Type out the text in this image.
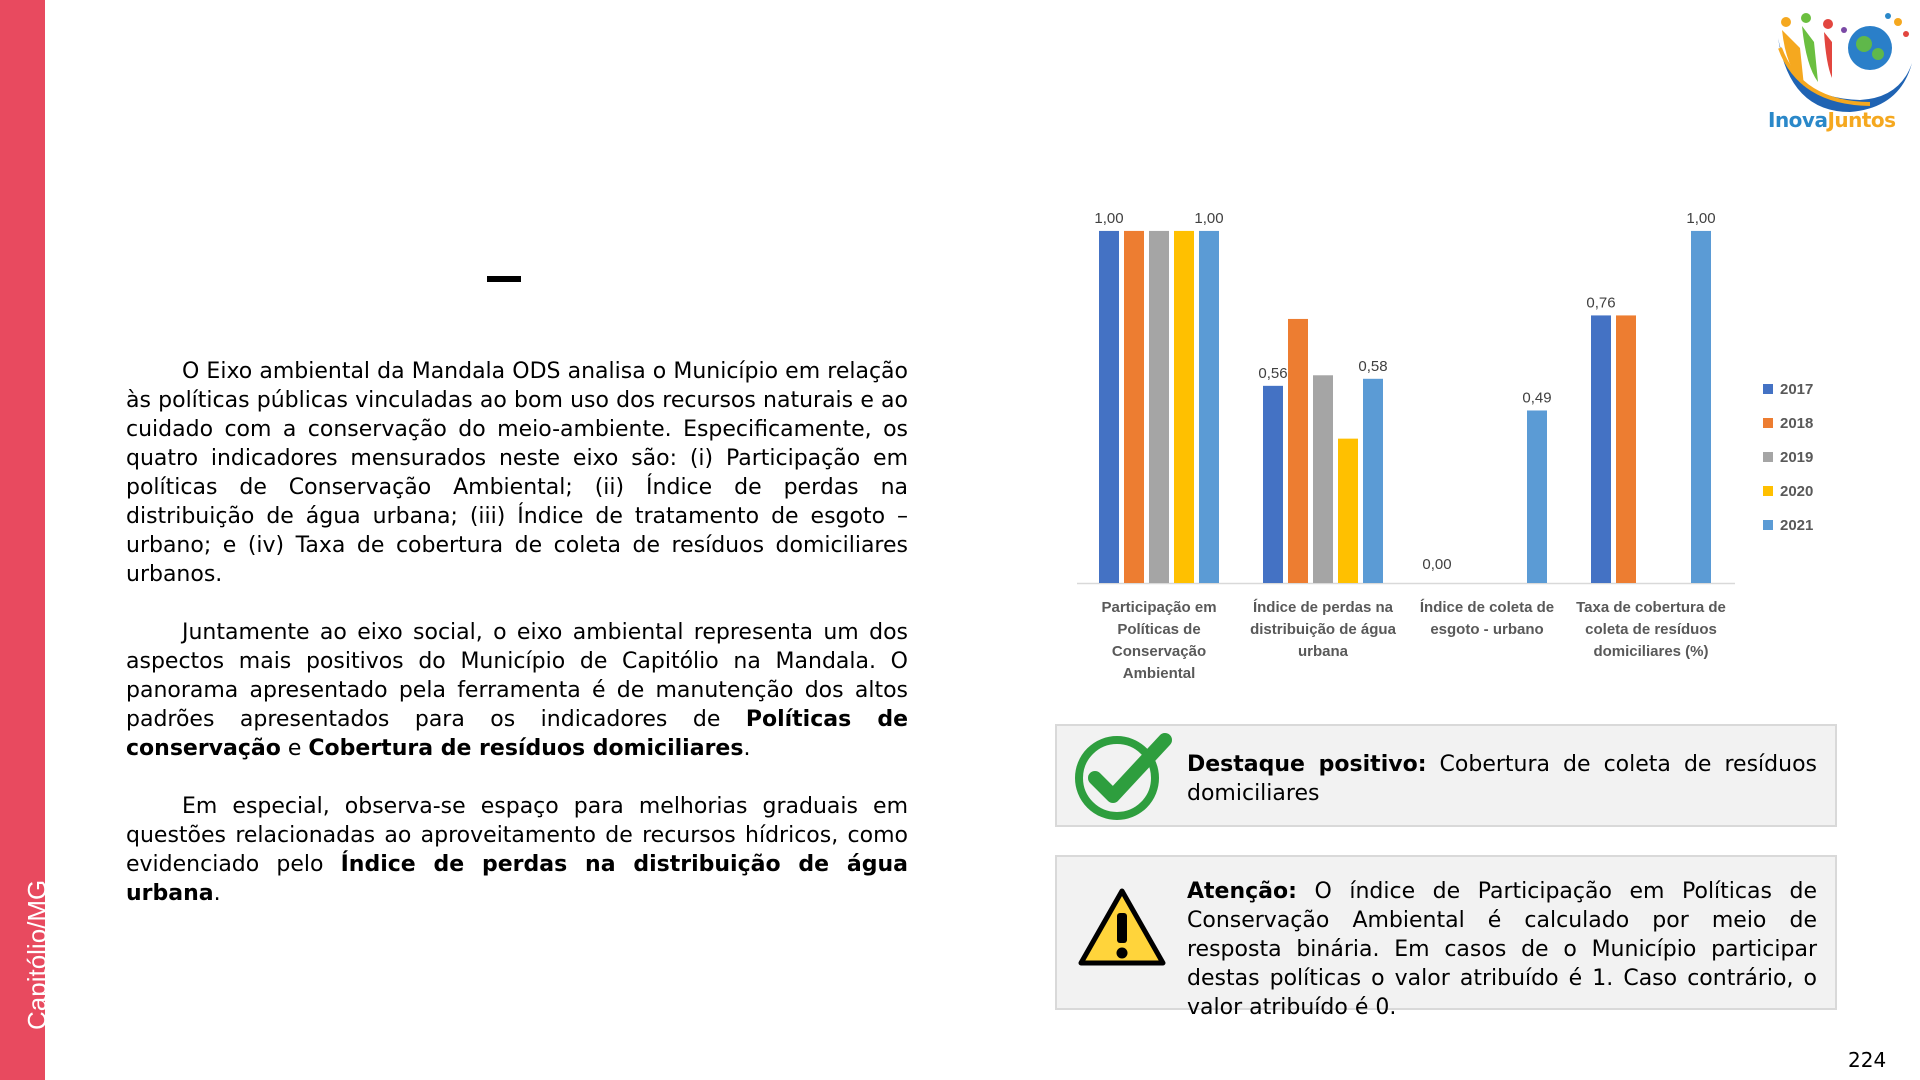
Capitólio/MG
InovaJuntos

O Eixo ambiental da Mandala ODS analisa o Município em relação às políticas públicas vinculadas ao bom uso dos recursos naturais e ao cuidado com a conservação do meio-ambiente. Especificamente, os quatro indicadores mensurados neste eixo são: (i) Participação em políticas de Conservação Ambiental; (ii) Índice de perdas na distribuição de água urbana; (iii) Índice de tratamento de esgoto – urbano; e (iv) Taxa de cobertura de coleta de resíduos domiciliares urbanos.

Juntamente ao eixo social, o eixo ambiental representa um dos aspectos mais positivos do Município de Capitólio na Mandala. O panorama apresentado pela ferramenta é de manutenção dos altos padrões apresentados para os indicadores de Políticas de conservação e Cobertura de resíduos domiciliares.

Em especial, observa-se espaço para melhorias graduais em questões relacionadas ao aproveitamento de recursos hídricos, como evidenciado pelo Índice de perdas na distribuição de água urbana.

Participação em
Políticas de
Conservação
Ambiental
Índice de perdas na
distribuição de água
urbana
Índice de coleta de
esgoto - urbano
Taxa de cobertura de
coleta de resíduos
domiciliares (%)
1,00	1,00
0,56	0,58
0,00
0,49
0,76
1,00
2017
2018
2019
2020
2021
Destaque positivo: Cobertura de coleta de resíduos domiciliares
Atenção: O índice de Participação em Políticas de Conservação Ambiental é calculado por meio de resposta binária. Em casos de o Município participar destas políticas o valor atribuído é 1. Caso contrário, o valor atribuído é 0.
224
